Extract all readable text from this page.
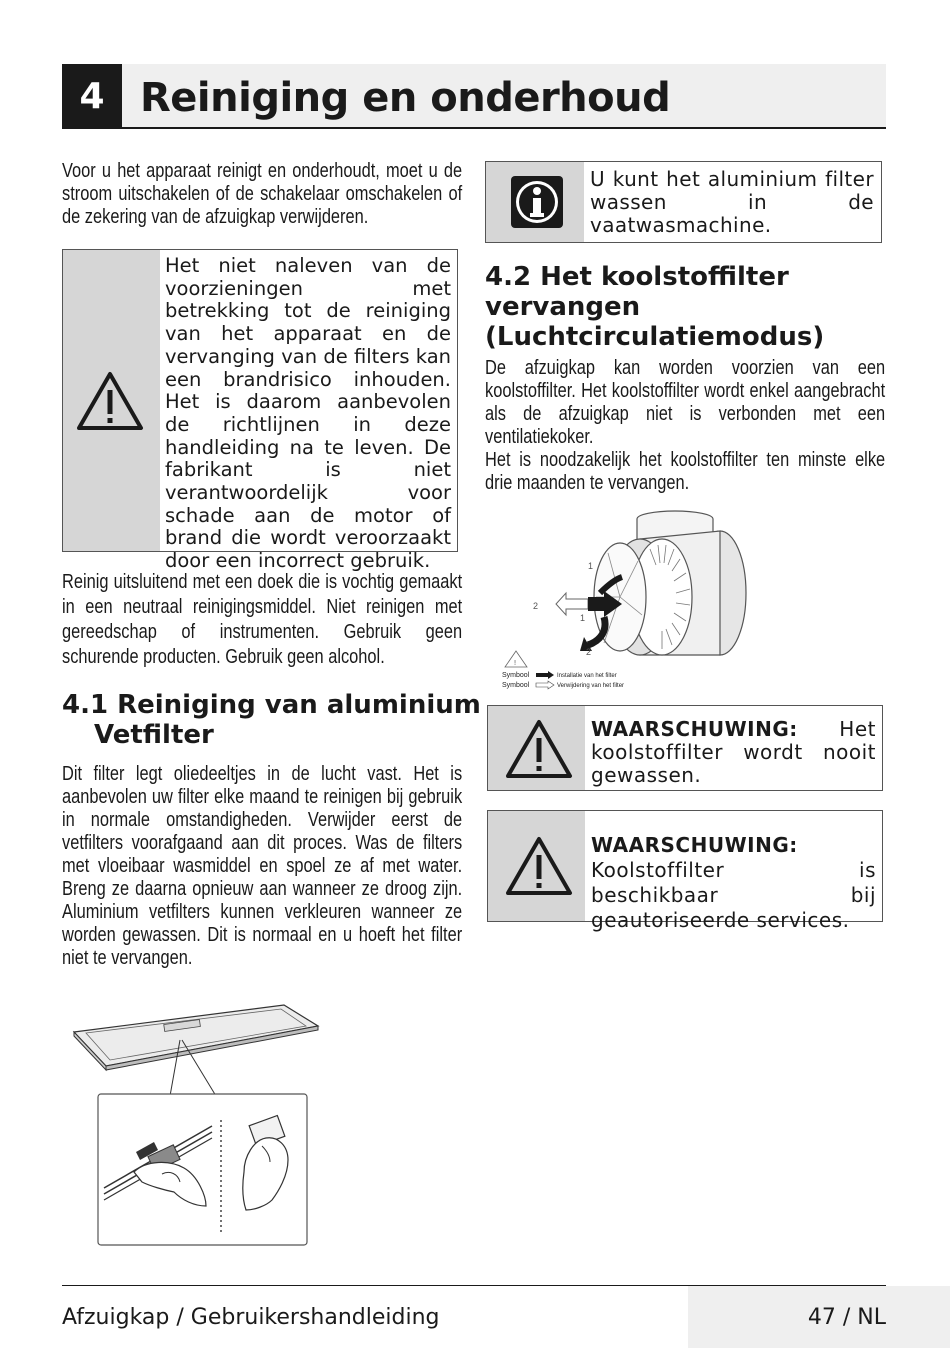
4 Reiniging en onderhoud
Voor u het apparaat reinigt en onderhoudt, moet u de stroom uitschakelen of de schakelaar omschakelen of de zekering van de afzuigkap verwijderen.
Het niet naleven van de voorzieningen met betrekking tot de reiniging van het apparaat en de vervanging van de filters kan een brandrisico inhouden. Het is daarom aanbevolen de richtlijnen in deze handleiding na te leven. De fabrikant is niet verantwoordelijk voor schade aan de motor of brand die wordt veroorzaakt door een incorrect gebruik.
Reinig uitsluitend met een doek die is vochtig gemaakt in een neutraal reinigingsmiddel. Niet reinigen met gereedschap of instrumenten. Gebruik geen schurende producten. Gebruik geen alcohol.
4.1 Reiniging van aluminium
Vetfilter
Dit filter legt oliedeeltjes in de lucht vast. Het is aanbevolen uw filter elke maand te reinigen bij gebruik in normale omstandigheden. Verwijder eerst de vetfilters voorafgaand aan dit proces. Was de filters met vloeibaar wasmiddel en spoel ze af met water. Breng ze daarna opnieuw aan wanneer ze droog zijn. Aluminium vetfilters kunnen verkleuren wanneer ze worden gewassen. Dit is normaal en u hoeft het filter niet te vervangen.
U kunt het aluminium filter wassen in de vaatwasmachine.
4.2 Het koolstoffilter vervangen (Luchtcirculatiemodus)
De afzuigkap kan worden voorzien van een koolstoffilter. Het koolstoffilter wordt enkel aangebracht als de afzuigkap niet is verbonden met een ventilatiekoker.
Het is noodzakelijk het koolstoffilter ten minste elke drie maanden te vervangen.
2
1
1
2
!
Symbool	Installatie van het filter
Symbool	Verwijdering van het filter
WAARSCHUWING: Het koolstoffilter wordt nooit gewassen.
WAARSCHUWING: Koolstoffilter is beschikbaar bij geautoriseerde services.
Afzuigkap / Gebruikershandleiding	47 / NL
